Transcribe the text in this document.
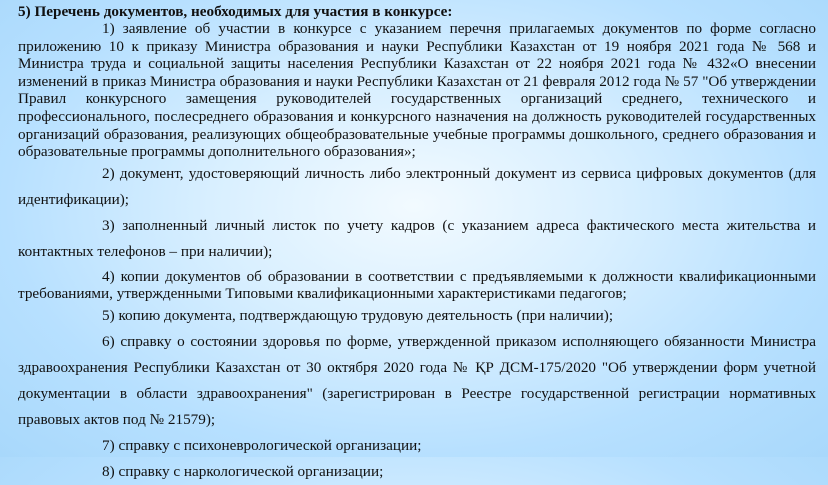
5) Перечень документов, необходимых для участия в конкурсе:

1) заявление об участии в конкурсе с указанием перечня прилагаемых документов по форме согласно приложению 10 к приказу Министра образования и науки Республики Казахстан от 19 ноября 2021 года № 568 и Министра труда и социальной защиты населения Республики Казахстан от 22 ноября 2021 года № 432«О внесении изменений в приказ Министра образования и науки Республики Казахстан от 21 февраля 2012 года № 57 "Об утверждении Правил конкурсного замещения руководителей государственных организаций среднего, технического и профессионального, послесреднего образования и конкурсного назначения на должность руководителей государственных организаций образования, реализующих общеобразовательные учебные программы дошкольного, среднего образования и образовательные программы дополнительного образования»;

2) документ, удостоверяющий личность либо электронный документ из сервиса цифровых документов (для идентификации);

3) заполненный личный листок по учету кадров (с указанием адреса фактического места жительства и контактных телефонов – при наличии);

4) копии документов об образовании в соответствии с предъявляемыми к должности квалификационными требованиями, утвержденными Типовыми квалификационными характеристиками педагогов;

5) копию документа, подтверждающую трудовую деятельность (при наличии);

6) справку о состоянии здоровья по форме, утвержденной приказом исполняющего обязанности Министра здравоохранения Республики Казахстан от 30 октября 2020 года № ҚР ДСМ-175/2020 "Об утверждении форм учетной документации в области здравоохранения" (зарегистрирован в Реестре государственной регистрации нормативных правовых актов под № 21579);

7) справку с психоневрологической организации;

8) справку с наркологической организации;
